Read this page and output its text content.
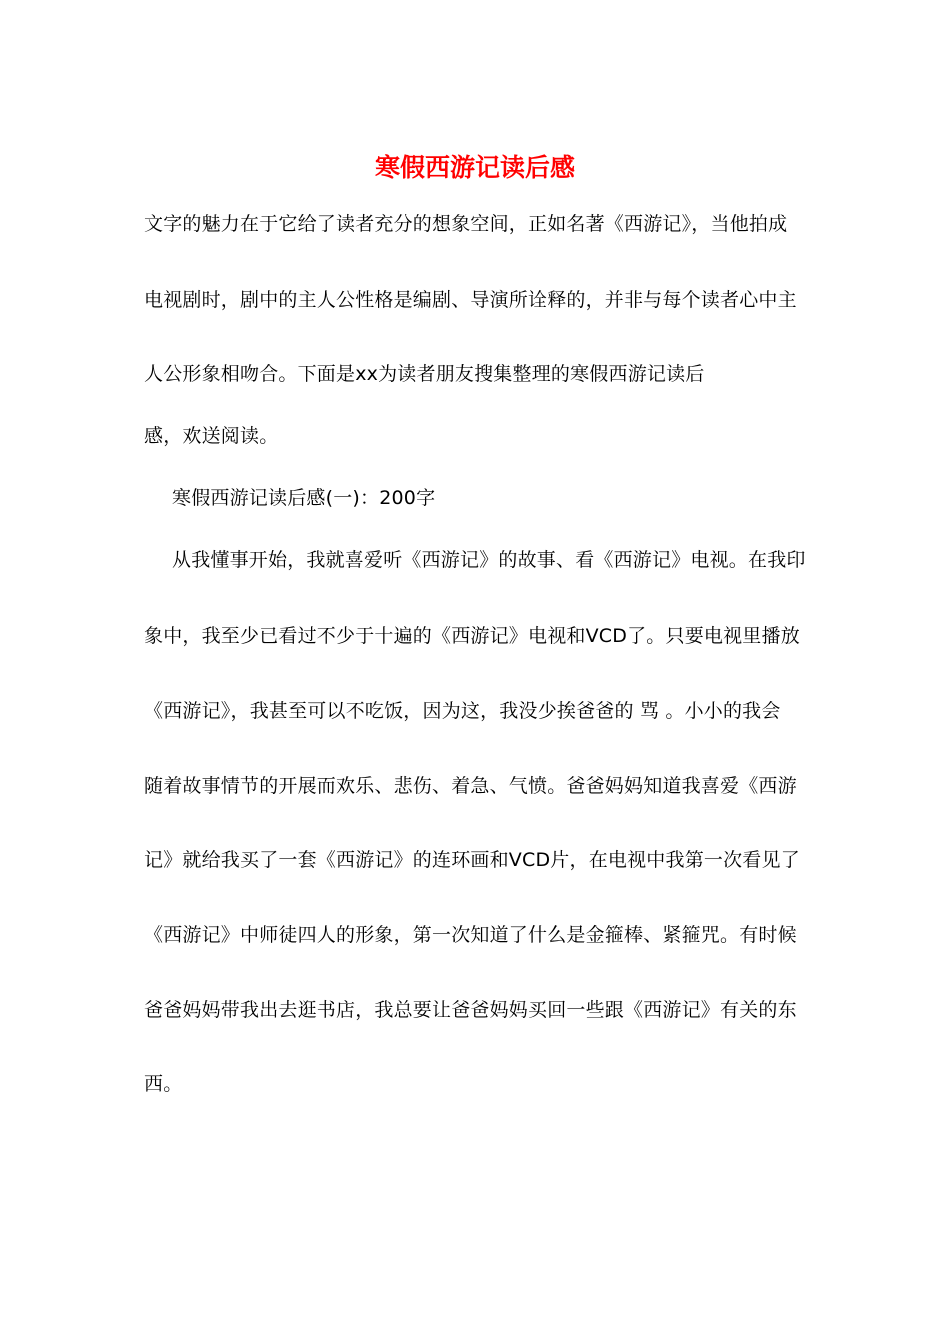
寒假西游记读后感
文字的魅力在于它给了读者充分的想象空间，正如名著《西游记》，当他拍成
电视剧时，剧中的主人公性格是编剧、导演所诠释的，并非与每个读者心中主
人公形象相吻合。下面是xx为读者朋友搜集整理的寒假西游记读后
感，欢送阅读。
寒假西游记读后感(一)：200字
从我懂事开始，我就喜爱听《西游记》的故事、看《西游记》电视。在我印
象中，我至少已看过不少于十遍的《西游记》电视和VCD了。只要电视里播放
《西游记》，我甚至可以不吃饭，因为这，我没少挨爸爸的 骂 。小小的我会
随着故事情节的开展而欢乐、悲伤、着急、气愤。爸爸妈妈知道我喜爱《西游
记》就给我买了一套《西游记》的连环画和VCD片，在电视中我第一次看见了
《西游记》中师徒四人的形象，第一次知道了什么是金箍棒、紧箍咒。有时候
爸爸妈妈带我出去逛书店，我总要让爸爸妈妈买回一些跟《西游记》有关的东
西。
